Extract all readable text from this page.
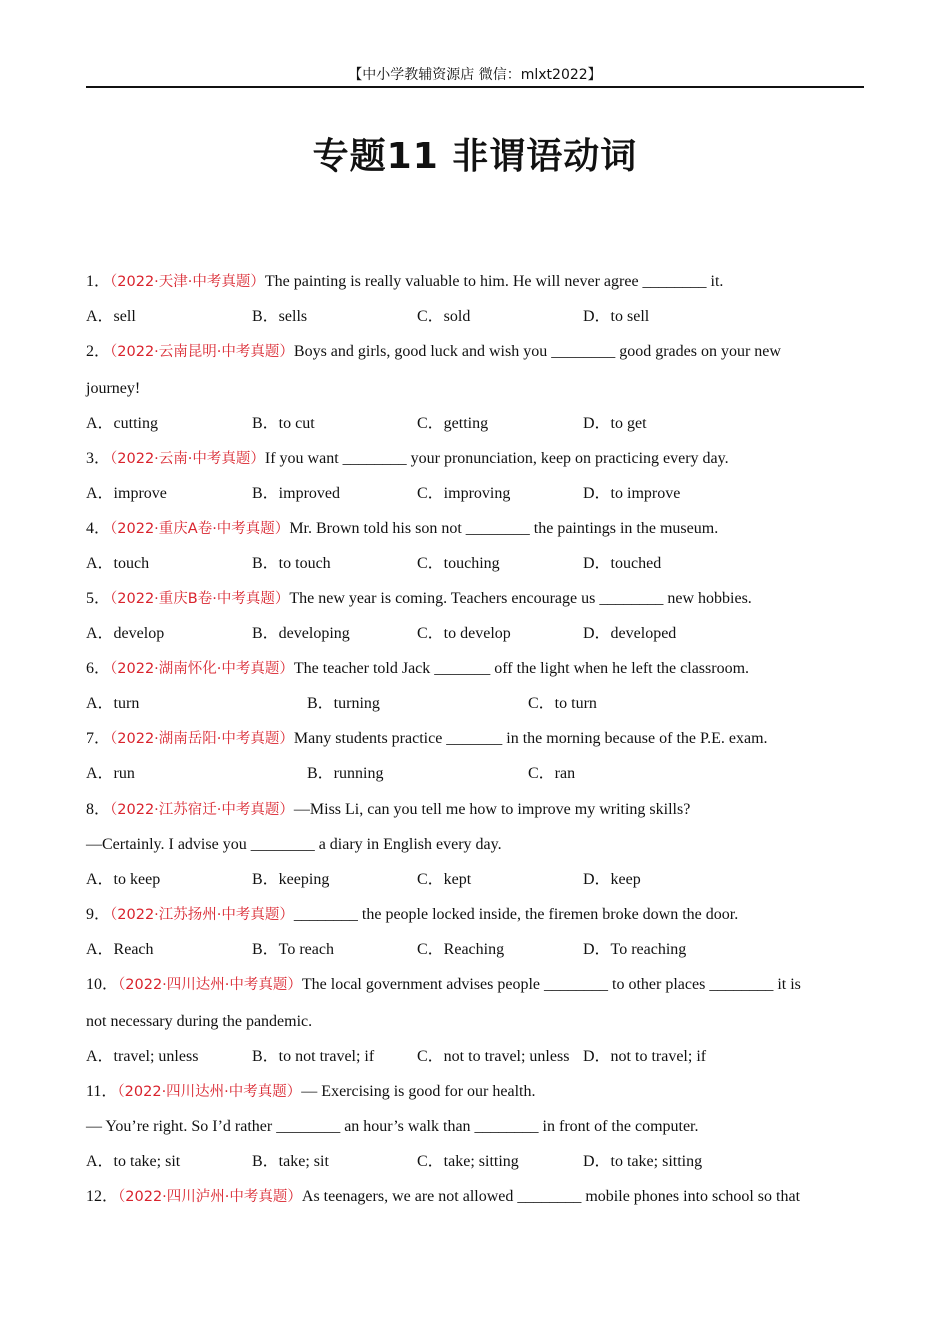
【中小学教辅资源店 微信：mlxt2022】
专题11 非谓语动词
1．（2022·天津·中考真题）The painting is really valuable to him. He will never agree ________ it.
A．sell	B．sells	C．sold	D．to sell
2．（2022·云南昆明·中考真题）Boys and girls, good luck and wish you ________ good grades on your new
journey!
A．cutting	B．to cut	C．getting	D．to get
3．（2022·云南·中考真题）If you want ________ your pronunciation, keep on practicing every day.
A．improve	B．improved	C．improving	D．to improve
4．（2022·重庆A卷·中考真题）Mr. Brown told his son not ________ the paintings in the museum.
A．touch	B．to touch	C．touching	D．touched
5．（2022·重庆B卷·中考真题）The new year is coming. Teachers encourage us ________ new hobbies.
A．develop	B．developing	C．to develop	D．developed
6．（2022·湖南怀化·中考真题）The teacher told Jack _______ off the light when he left the classroom.
A．turn	B．turning	C．to turn
7．（2022·湖南岳阳·中考真题）Many students practice _______ in the morning because of the P.E. exam.
A．run	B．running	C．ran
8．（2022·江苏宿迁·中考真题）—Miss Li, can you tell me how to improve my writing skills?
—Certainly. I advise you ________ a diary in English every day.
A．to keep	B．keeping	C．kept	D．keep
9．（2022·江苏扬州·中考真题）________ the people locked inside, the firemen broke down the door.
A．Reach	B．To reach	C．Reaching	D．To reaching
10．（2022·四川达州·中考真题）The local government advises people ________ to other places ________ it is
not necessary during the pandemic.
A．travel; unless	B．to not travel; if	C．not to travel; unless D．not to travel; if
11．（2022·四川达州·中考真题）— Exercising is good for our health.
— You’re right. So I’d rather ________ an hour’s walk than ________ in front of the computer.
A．to take; sit	B．take; sit	C．take; sitting	D．to take; sitting
12．（2022·四川泸州·中考真题）As teenagers, we are not allowed ________ mobile phones into school so that
